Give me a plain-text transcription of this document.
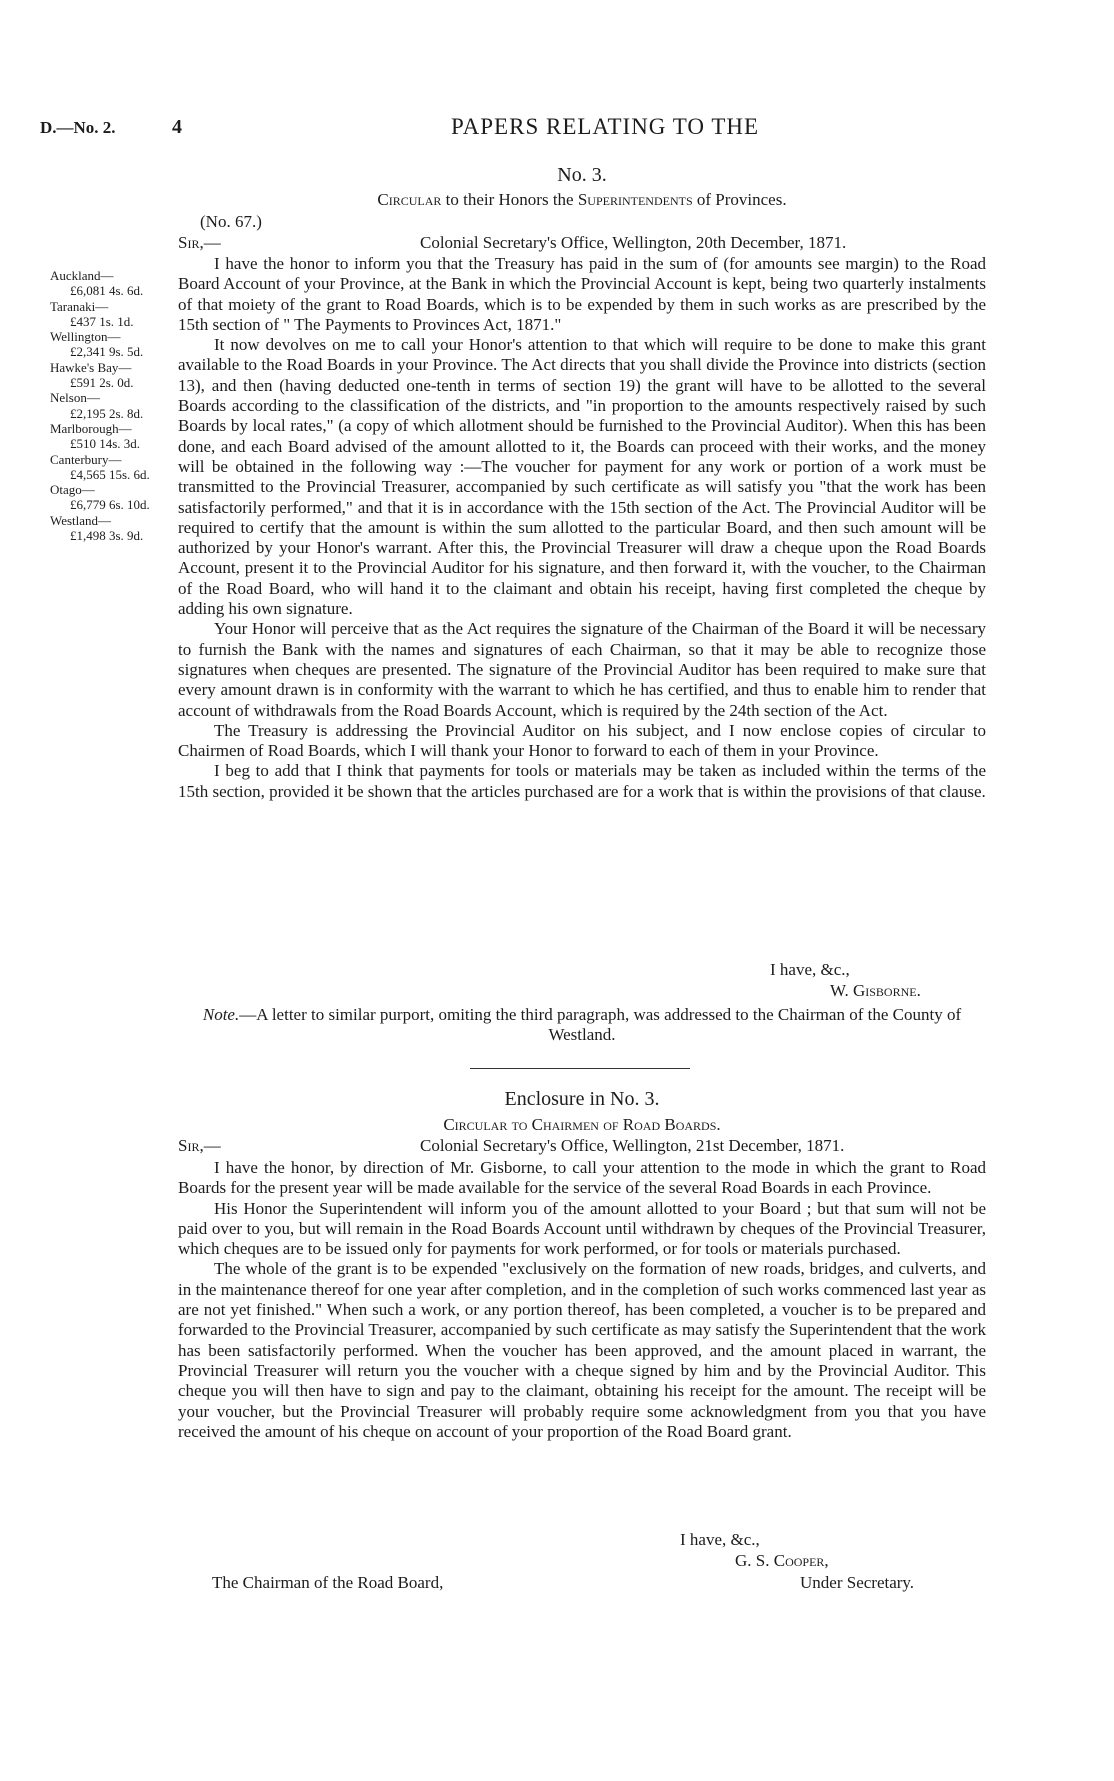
D.—No. 2.	4	PAPERS RELATING TO THE
No. 3.
Circular to their Honors the Superintendents of Provinces.
(No. 67.)
Sir,—	Colonial Secretary's Office, Wellington, 20th December, 1871.
Auckland—
£6,081 4s. 6d.
Taranaki—
£437 1s. 1d.
Wellington—
£2,341 9s. 5d.
Hawke's Bay—
£591 2s. 0d.
Nelson—
£2,195 2s. 8d.
Marlborough—
£510 14s. 3d.
Canterbury—
£4,565 15s. 6d.
Otago—
£6,779 6s. 10d.
Westland—
£1,498 3s. 9d.

I have the honor to inform you that the Treasury has paid in the sum of (for amounts see margin) to the Road Board Account of your Province, at the Bank in which the Provincial Account is kept, being two quarterly instalments of that moiety of the grant to Road Boards, which is to be expended by them in such works as are prescribed by the 15th section of " The Payments to Provinces Act, 1871."

It now devolves on me to call your Honor's attention to that which will require to be done to make this grant available to the Road Boards in your Province. The Act directs that you shall divide the Province into districts (section 13), and then (having deducted one-tenth in terms of section 19) the grant will have to be allotted to the several Boards according to the classification of the districts, and "in proportion to the amounts respectively raised by such Boards by local rates," (a copy of which allotment should be furnished to the Provincial Auditor). When this has been done, and each Board advised of the amount allotted to it, the Boards can proceed with their works, and the money will be obtained in the following way :—The voucher for payment for any work or portion of a work must be transmitted to the Provincial Treasurer, accompanied by such certificate as will satisfy you "that the work has been satisfactorily performed," and that it is in accordance with the 15th section of the Act. The Provincial Auditor will be required to certify that the amount is within the sum allotted to the particular Board, and then such amount will be authorized by your Honor's warrant. After this, the Provincial Treasurer will draw a cheque upon the Road Boards Account, present it to the Provincial Auditor for his signature, and then forward it, with the voucher, to the Chairman of the Road Board, who will hand it to the claimant and obtain his receipt, having first completed the cheque by adding his own signature.

Your Honor will perceive that as the Act requires the signature of the Chairman of the Board it will be necessary to furnish the Bank with the names and signatures of each Chairman, so that it may be able to recognize those signatures when cheques are presented. The signature of the Provincial Auditor has been required to make sure that every amount drawn is in conformity with the warrant to which he has certified, and thus to enable him to render that account of withdrawals from the Road Boards Account, which is required by the 24th section of the Act.

The Treasury is addressing the Provincial Auditor on his subject, and I now enclose copies of circular to Chairmen of Road Boards, which I will thank your Honor to forward to each of them in your Province.

I beg to add that I think that payments for tools or materials may be taken as included within the terms of the 15th section, provided it be shown that the articles purchased are for a work that is within the provisions of that clause.

I have, &c.,
W. Gisborne.

Note.—A letter to similar purport, omiting the third paragraph, was addressed to the Chairman of the County of Westland.

Enclosure in No. 3.
Circular to Chairmen of Road Boards.
Sir,—	Colonial Secretary's Office, Wellington, 21st December, 1871.

I have the honor, by direction of Mr. Gisborne, to call your attention to the mode in which the grant to Road Boards for the present year will be made available for the service of the several Road Boards in each Province.

His Honor the Superintendent will inform you of the amount allotted to your Board ; but that sum will not be paid over to you, but will remain in the Road Boards Account until withdrawn by cheques of the Provincial Treasurer, which cheques are to be issued only for payments for work performed, or for tools or materials purchased.

The whole of the grant is to be expended "exclusively on the formation of new roads, bridges, and culverts, and in the maintenance thereof for one year after completion, and in the completion of such works commenced last year as are not yet finished." When such a work, or any portion thereof, has been completed, a voucher is to be prepared and forwarded to the Provincial Treasurer, accompanied by such certificate as may satisfy the Superintendent that the work has been satisfactorily performed. When the voucher has been approved, and the amount placed in warrant, the Provincial Treasurer will return you the voucher with a cheque signed by him and by the Provincial Auditor. This cheque you will then have to sign and pay to the claimant, obtaining his receipt for the amount. The receipt will be your voucher, but the Provincial Treasurer will probably require some acknowledgment from you that you have received the amount of his cheque on account of your proportion of the Road Board grant.

I have, &c.,
G. S. Cooper,
The Chairman of the Road Board,	Under Secretary.
